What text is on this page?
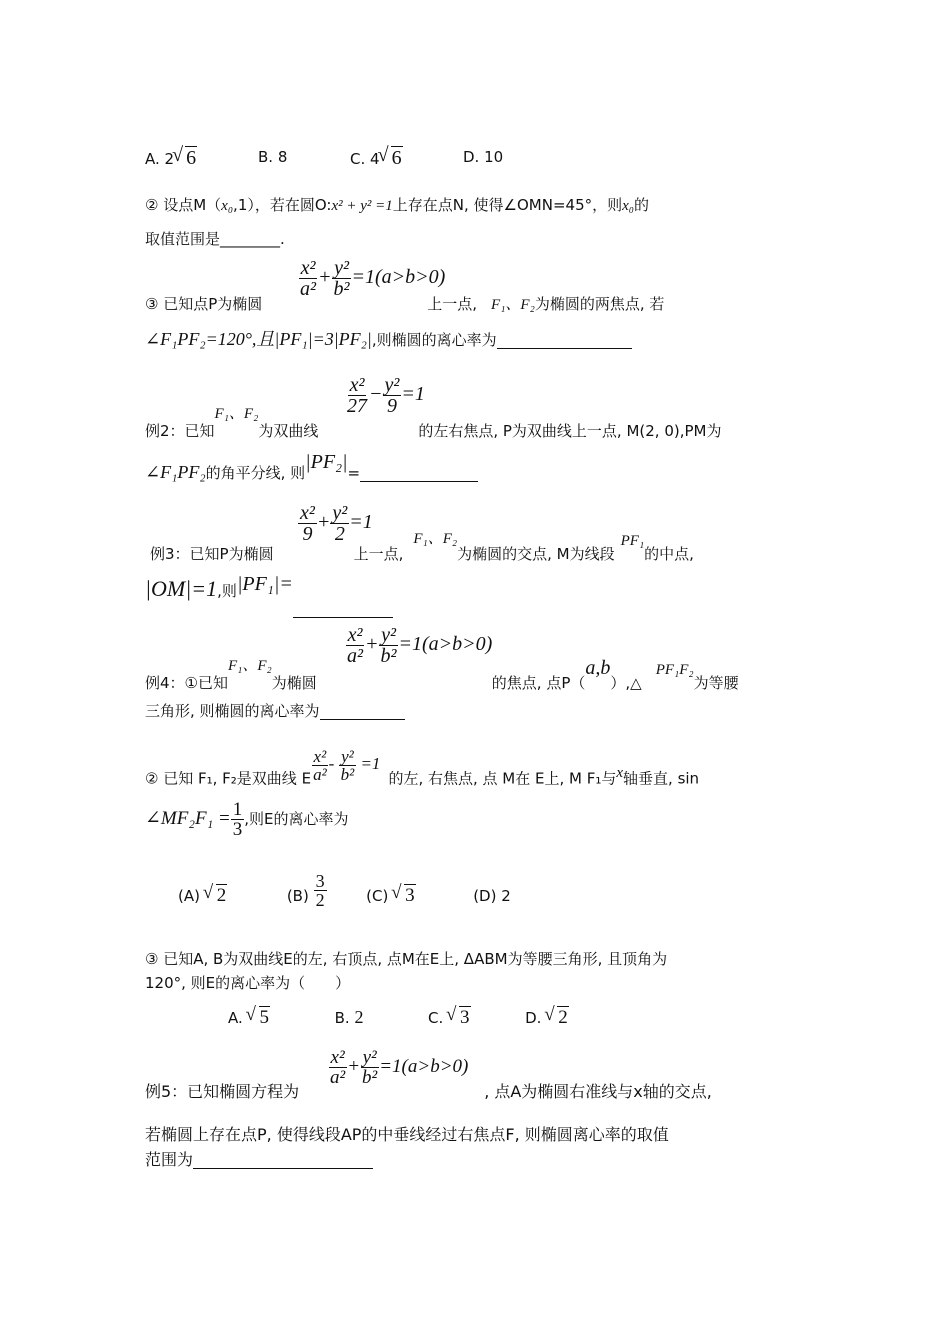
A. 2 √ 6	B. 8	C. 4 √ 6	D. 10
② 设点M（x₀,1），若在圆O:x² + y² =1上存在点N, 使得∠OMN=45°，则x₀的
取值范围是________.
$\frac{\text{x²}}{\text{a²}} + \frac{\text{y²}}{\text{b²}} =1(a>b>0)$
③ 已知点P为椭圆	上一点, F₁、F₂为椭圆的两焦点, 若
∠F₁PF₂=120°,且|PF₁|=3|PF₂|,则椭圆的离心率为
$\frac{\text{x²}}{27} - \frac{\text{y²}}{9} =1$
例2：已知F₁、F₂为双曲线	的左右焦点, P为双曲线上一点, M(2, 0),PM为
∠F₁PF₂的角平分线, 则|PF₂|=
$\frac{\text{x²}}{9} + \frac{\text{y²}}{2} =1$
例3：已知P为椭圆	上一点,F₁、F₂为椭圆的交点, M为线段PF₁的中点,
|OM|=1,则|PF₁|=
$\frac{\text{x²}}{\text{a²}} + \frac{\text{y²}}{\text{b²}} =1(a>b>0)$
例4：①已知F₁、F₂为椭圆	的焦点, 点P（a,b）,△PF₁F₂为等腰
三角形, 则椭圆的离心率为
② 已知 F₁, F₂是双曲线 E $\frac{\text{x²}}{\text{a²}} - \frac{\text{y²}}{\text{b²}} =1$的左, 右焦点, 点 M在 E上, M F₁与x轴垂直, sin
∠MF₂F₁ = $\frac{1}{3}$ ,则E的离心率为
(A) √ 2	$(B) \frac{3}{2}$	(C) √ 3	(D) 2
③ 已知A, B为双曲线E的左, 右顶点, 点M在E上, ΔABM为等腰三角形, 且顶角为
120°, 则E的离心率为（　　）
A. √ 5	B. 2	C. √ 3	D. √ 2
$\frac{\text{x²}}{\text{a²}} + \frac{\text{y²}}{\text{b²}} =1(a>b>0)$
例5：已知椭圆方程为	, 点A为椭圆右准线与x轴的交点,
若椭圆上存在点P, 使得线段AP的中垂线经过右焦点F, 则椭圆离心率的取值
范围为
